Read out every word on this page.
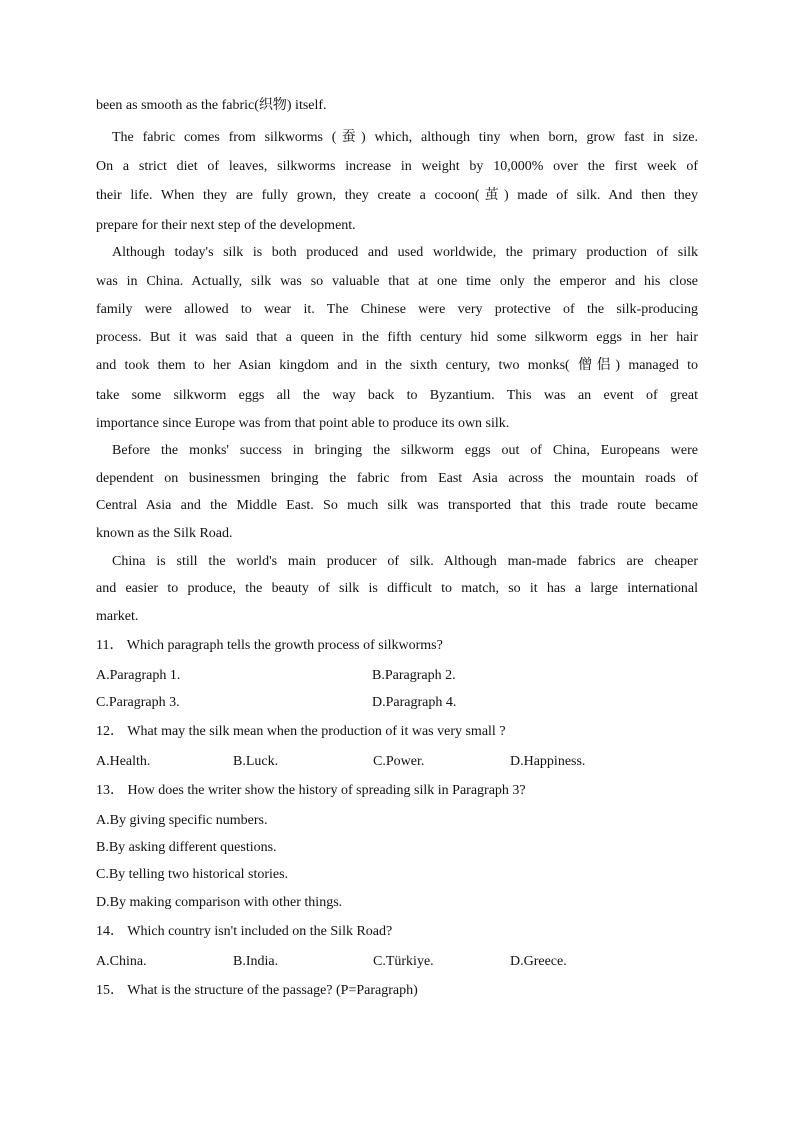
been as smooth as the fabric(织物) itself.
The fabric comes from silkworms (蚕) which, although tiny when born, grow fast in size.
On a strict diet of leaves, silkworms increase in weight by 10,000% over the first week of
their life. When they are fully grown, they create a cocoon(茧) made of silk. And then they
prepare for their next step of the development.
Although today's silk is both produced and used worldwide, the primary production of silk
was in China. Actually, silk was so valuable that at one time only the emperor and his close
family were allowed to wear it. The Chinese were very protective of the silk-producing
process. But it was said that a queen in the fifth century hid some silkworm eggs in her hair
and took them to her Asian kingdom and in the sixth century, two monks( 僧侣) managed to
take some silkworm eggs all the way back to Byzantium. This was an event of great
importance since Europe was from that point able to produce its own silk.
Before the monks' success in bringing the silkworm eggs out of China, Europeans were
dependent on businessmen bringing the fabric from East Asia across the mountain roads of
Central Asia and the Middle East. So much silk was transported that this trade route became
known as the Silk Road.
China is still the world's main producer of silk. Although man-made fabrics are cheaper
and easier to produce, the beauty of silk is difficult to match, so it has a large international
market.
11． Which paragraph tells the growth process of silkworms?
A.Paragraph 1.	B.Paragraph 2.
C.Paragraph 3.	D.Paragraph 4.
12． What may the silk mean when the production of it was very small ?
A.Health.	B.Luck.	C.Power.	D.Happiness.
13． How does the writer show the history of spreading silk in Paragraph 3?
A.By giving specific numbers.
B.By asking different questions.
C.By telling two historical stories.
D.By making comparison with other things.
14． Which country isn't included on the Silk Road?
A.China.	B.India.	C.Türkiye.	D.Greece.
15． What is the structure of the passage? (P=Paragraph)
